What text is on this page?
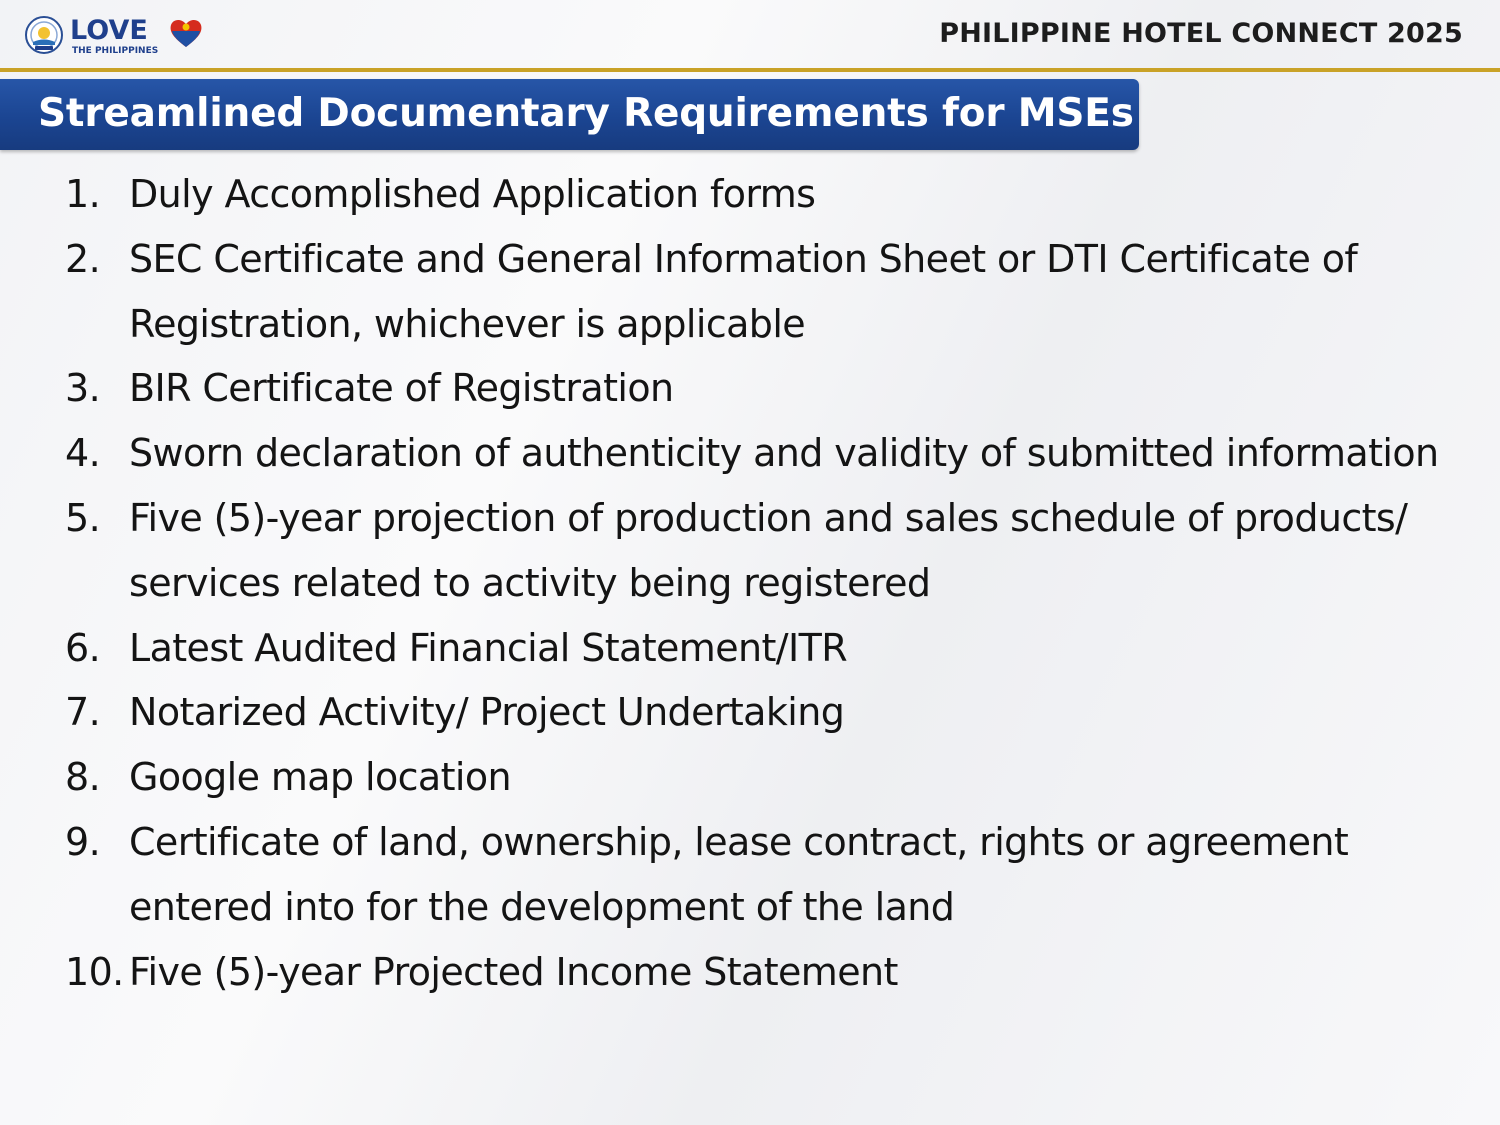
LOVE
THE PHILIPPINES
PHILIPPINE HOTEL CONNECT 2025
Streamlined Documentary Requirements for MSEs
1. Duly Accomplished Application forms
2. SEC Certificate and General Information Sheet or DTI Certificate of Registration, whichever is applicable
3. BIR Certificate of Registration
4. Sworn declaration of authenticity and validity of submitted information
5. Five (5)-year projection of production and sales schedule of products/ services related to activity being registered
6. Latest Audited Financial Statement/ITR
7. Notarized Activity/ Project Undertaking
8. Google map location
9. Certificate of land, ownership, lease contract, rights or agreement entered into for the development of the land
10. Five (5)-year Projected Income Statement
